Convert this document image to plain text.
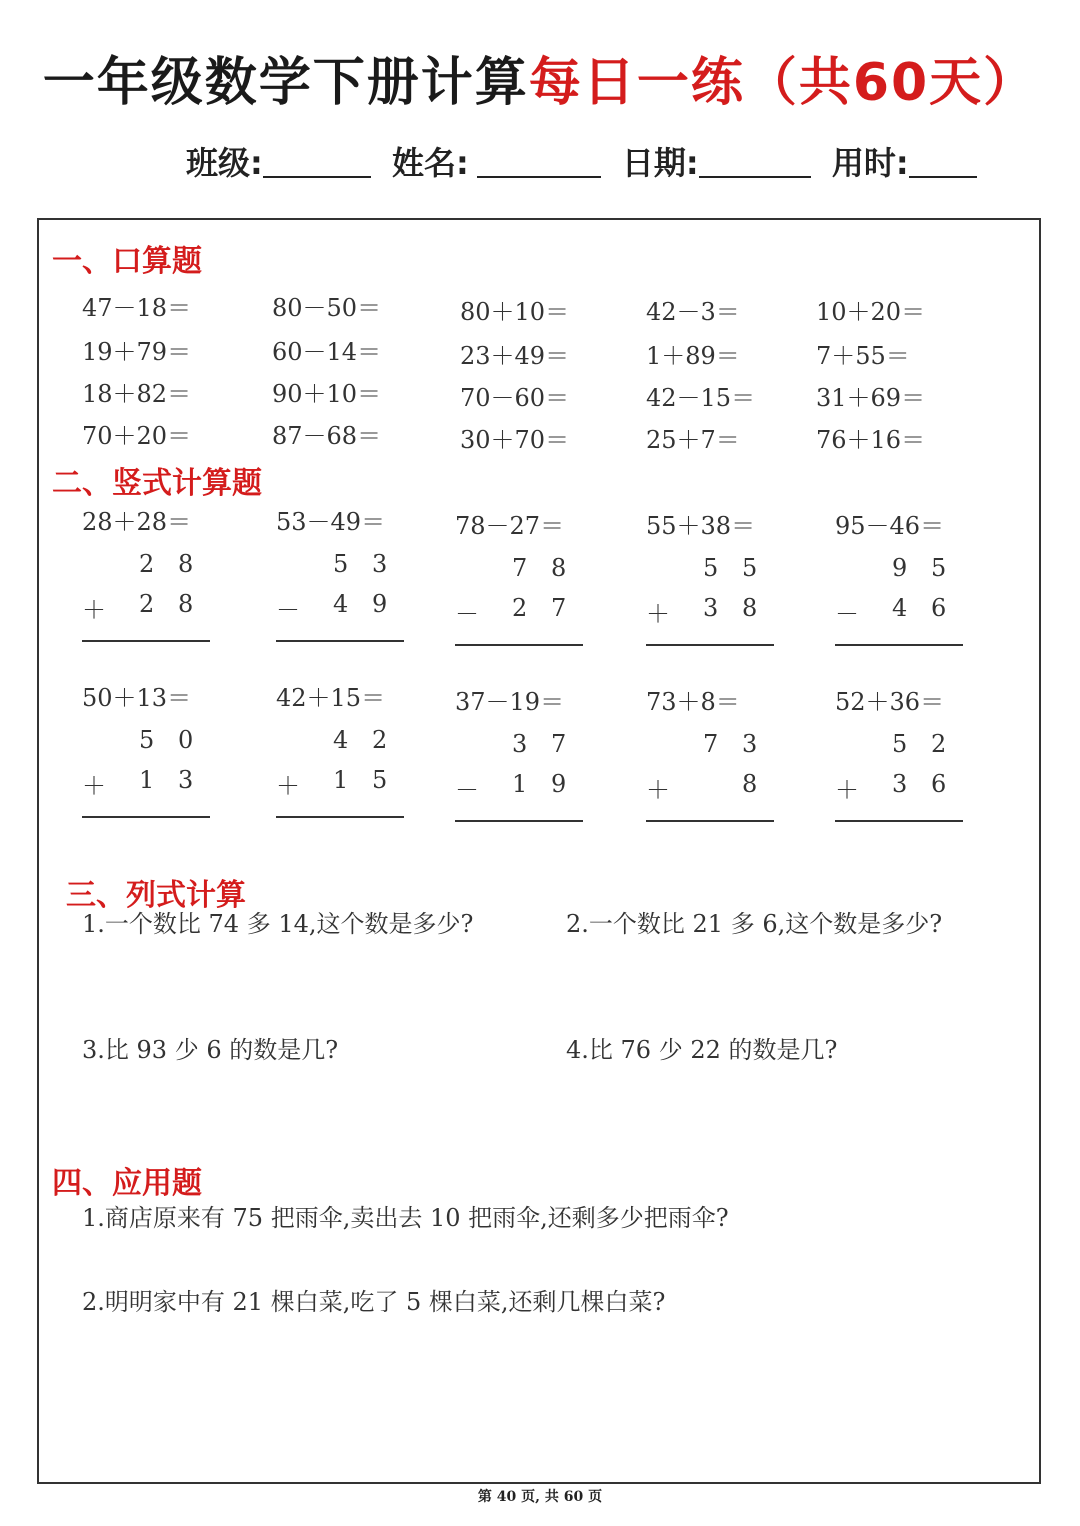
一年级数学下册计算每日一练（共60天）
班级:	姓名:	日期:	用时:
一、口算题
47－18＝	80－50＝	80＋10＝	42－3＝	10＋20＝
19＋79＝	60－14＝	23＋49＝	1＋89＝	7＋55＝
18＋82＝	90＋10＝	70－60＝	42－15＝	31＋69＝
70＋20＝	87－68＝	30＋70＝	25＋7＝	76＋16＝
二、竖式计算题
28＋28＝
2 8
＋ 2 8
53－49＝
5 3
－ 4 9
78－27＝
7 8
－ 2 7
55＋38＝
5 5
＋ 3 8
95－46＝
9 5
－ 4 6
50＋13＝
5 0
＋ 1 3
42＋15＝
4 2
＋ 1 5
37－19＝
3 7
－ 1 9
73＋8＝
7 3
＋	8
52＋36＝
5 2
＋ 3 6
三、列式计算
1.一个数比 74 多 14,这个数是多少?	2.一个数比 21 多 6,这个数是多少?
3.比 93 少 6 的数是几?	4.比 76 少 22 的数是几?
四、应用题
1.商店原来有 75 把雨伞,卖出去 10 把雨伞,还剩多少把雨伞?
2.明明家中有 21 棵白菜,吃了 5 棵白菜,还剩几棵白菜?
第 40 页, 共 60 页
